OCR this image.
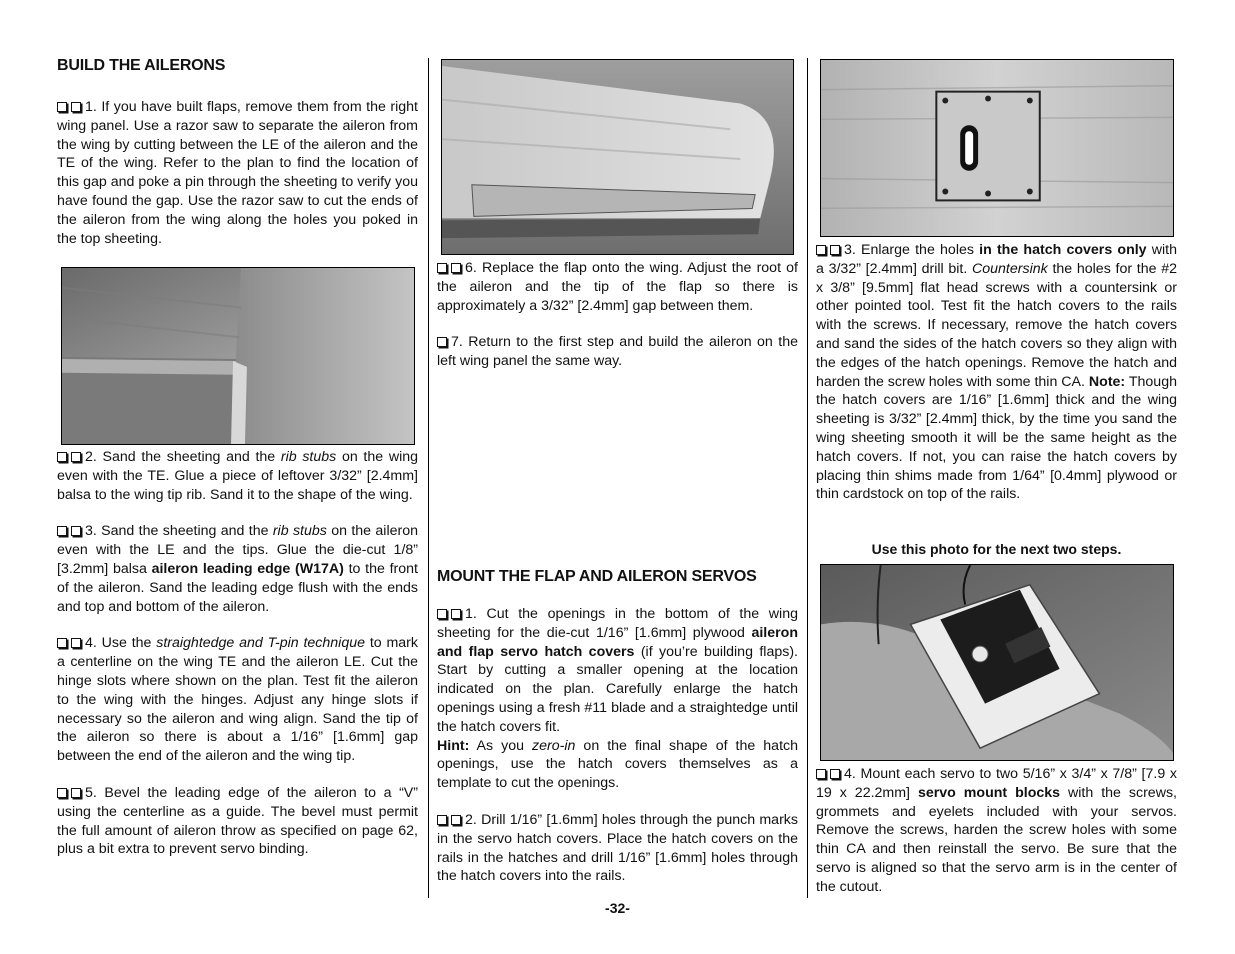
BUILD THE AILERONS

1. If you have built flaps, remove them from the right wing panel. Use a razor saw to separate the aileron from the wing by cutting between the LE of the aileron and the TE of the wing. Refer to the plan to find the location of this gap and poke a pin through the sheeting to verify you have found the gap. Use the razor saw to cut the ends of the aileron from the wing along the holes you poked in the top sheeting.

2. Sand the sheeting and the rib stubs on the wing even with the TE. Glue a piece of leftover 3/32” [2.4mm] balsa to the wing tip rib. Sand it to the shape of the wing.

3. Sand the sheeting and the rib stubs on the aileron even with the LE and the tips. Glue the die-cut 1/8” [3.2mm] balsa aileron leading edge (W17A) to the front of the aileron. Sand the leading edge flush with the ends and top and bottom of the aileron.

4. Use the straightedge and T-pin technique to mark a centerline on the wing TE and the aileron LE. Cut the hinge slots where shown on the plan. Test fit the aileron to the wing with the hinges. Adjust any hinge slots if necessary so the aileron and wing align. Sand the tip of the aileron so there is about a 1/16” [1.6mm] gap between the end of the aileron and the wing tip.

5. Bevel the leading edge of the aileron to a “V” using the centerline as a guide. The bevel must permit the full amount of aileron throw as specified on page 62, plus a bit extra to prevent servo binding.

6. Replace the flap onto the wing. Adjust the root of the aileron and the tip of the flap so there is approximately a 3/32” [2.4mm] gap between them.

7. Return to the first step and build the aileron on the left wing panel the same way.

MOUNT THE FLAP AND AILERON SERVOS

1. Cut the openings in the bottom of the wing sheeting for the die-cut 1/16” [1.6mm] plywood aileron and flap servo hatch covers (if you’re building flaps). Start by cutting a smaller opening at the location indicated on the plan. Carefully enlarge the hatch openings using a fresh #11 blade and a straightedge until the hatch covers fit.

Hint: As you zero-in on the final shape of the hatch openings, use the hatch covers themselves as a template to cut the openings.

2. Drill 1/16” [1.6mm] holes through the punch marks in the servo hatch covers. Place the hatch covers on the rails in the hatches and drill 1/16” [1.6mm] holes through the hatch covers into the rails.

3. Enlarge the holes in the hatch covers only with a 3/32” [2.4mm] drill bit. Countersink the holes for the #2 x 3/8” [9.5mm] flat head screws with a countersink or other pointed tool. Test fit the hatch covers to the rails with the screws. If necessary, remove the hatch covers and sand the sides of the hatch covers so they align with the edges of the hatch openings. Remove the hatch and harden the screw holes with some thin CA. Note: Though the hatch covers are 1/16” [1.6mm] thick and the wing sheeting is 3/32” [2.4mm] thick, by the time you sand the wing sheeting smooth it will be the same height as the hatch covers. If not, you can raise the hatch covers by placing thin shims made from 1/64” [0.4mm] plywood or thin cardstock on top of the rails.

Use this photo for the next two steps.

4. Mount each servo to two 5/16” x 3/4” x 7/8” [7.9 x 19 x 22.2mm] servo mount blocks with the screws, grommets and eyelets included with your servos. Remove the screws, harden the screw holes with some thin CA and then reinstall the servo. Be sure that the servo is aligned so that the servo arm is in the center of the cutout.

-32-
